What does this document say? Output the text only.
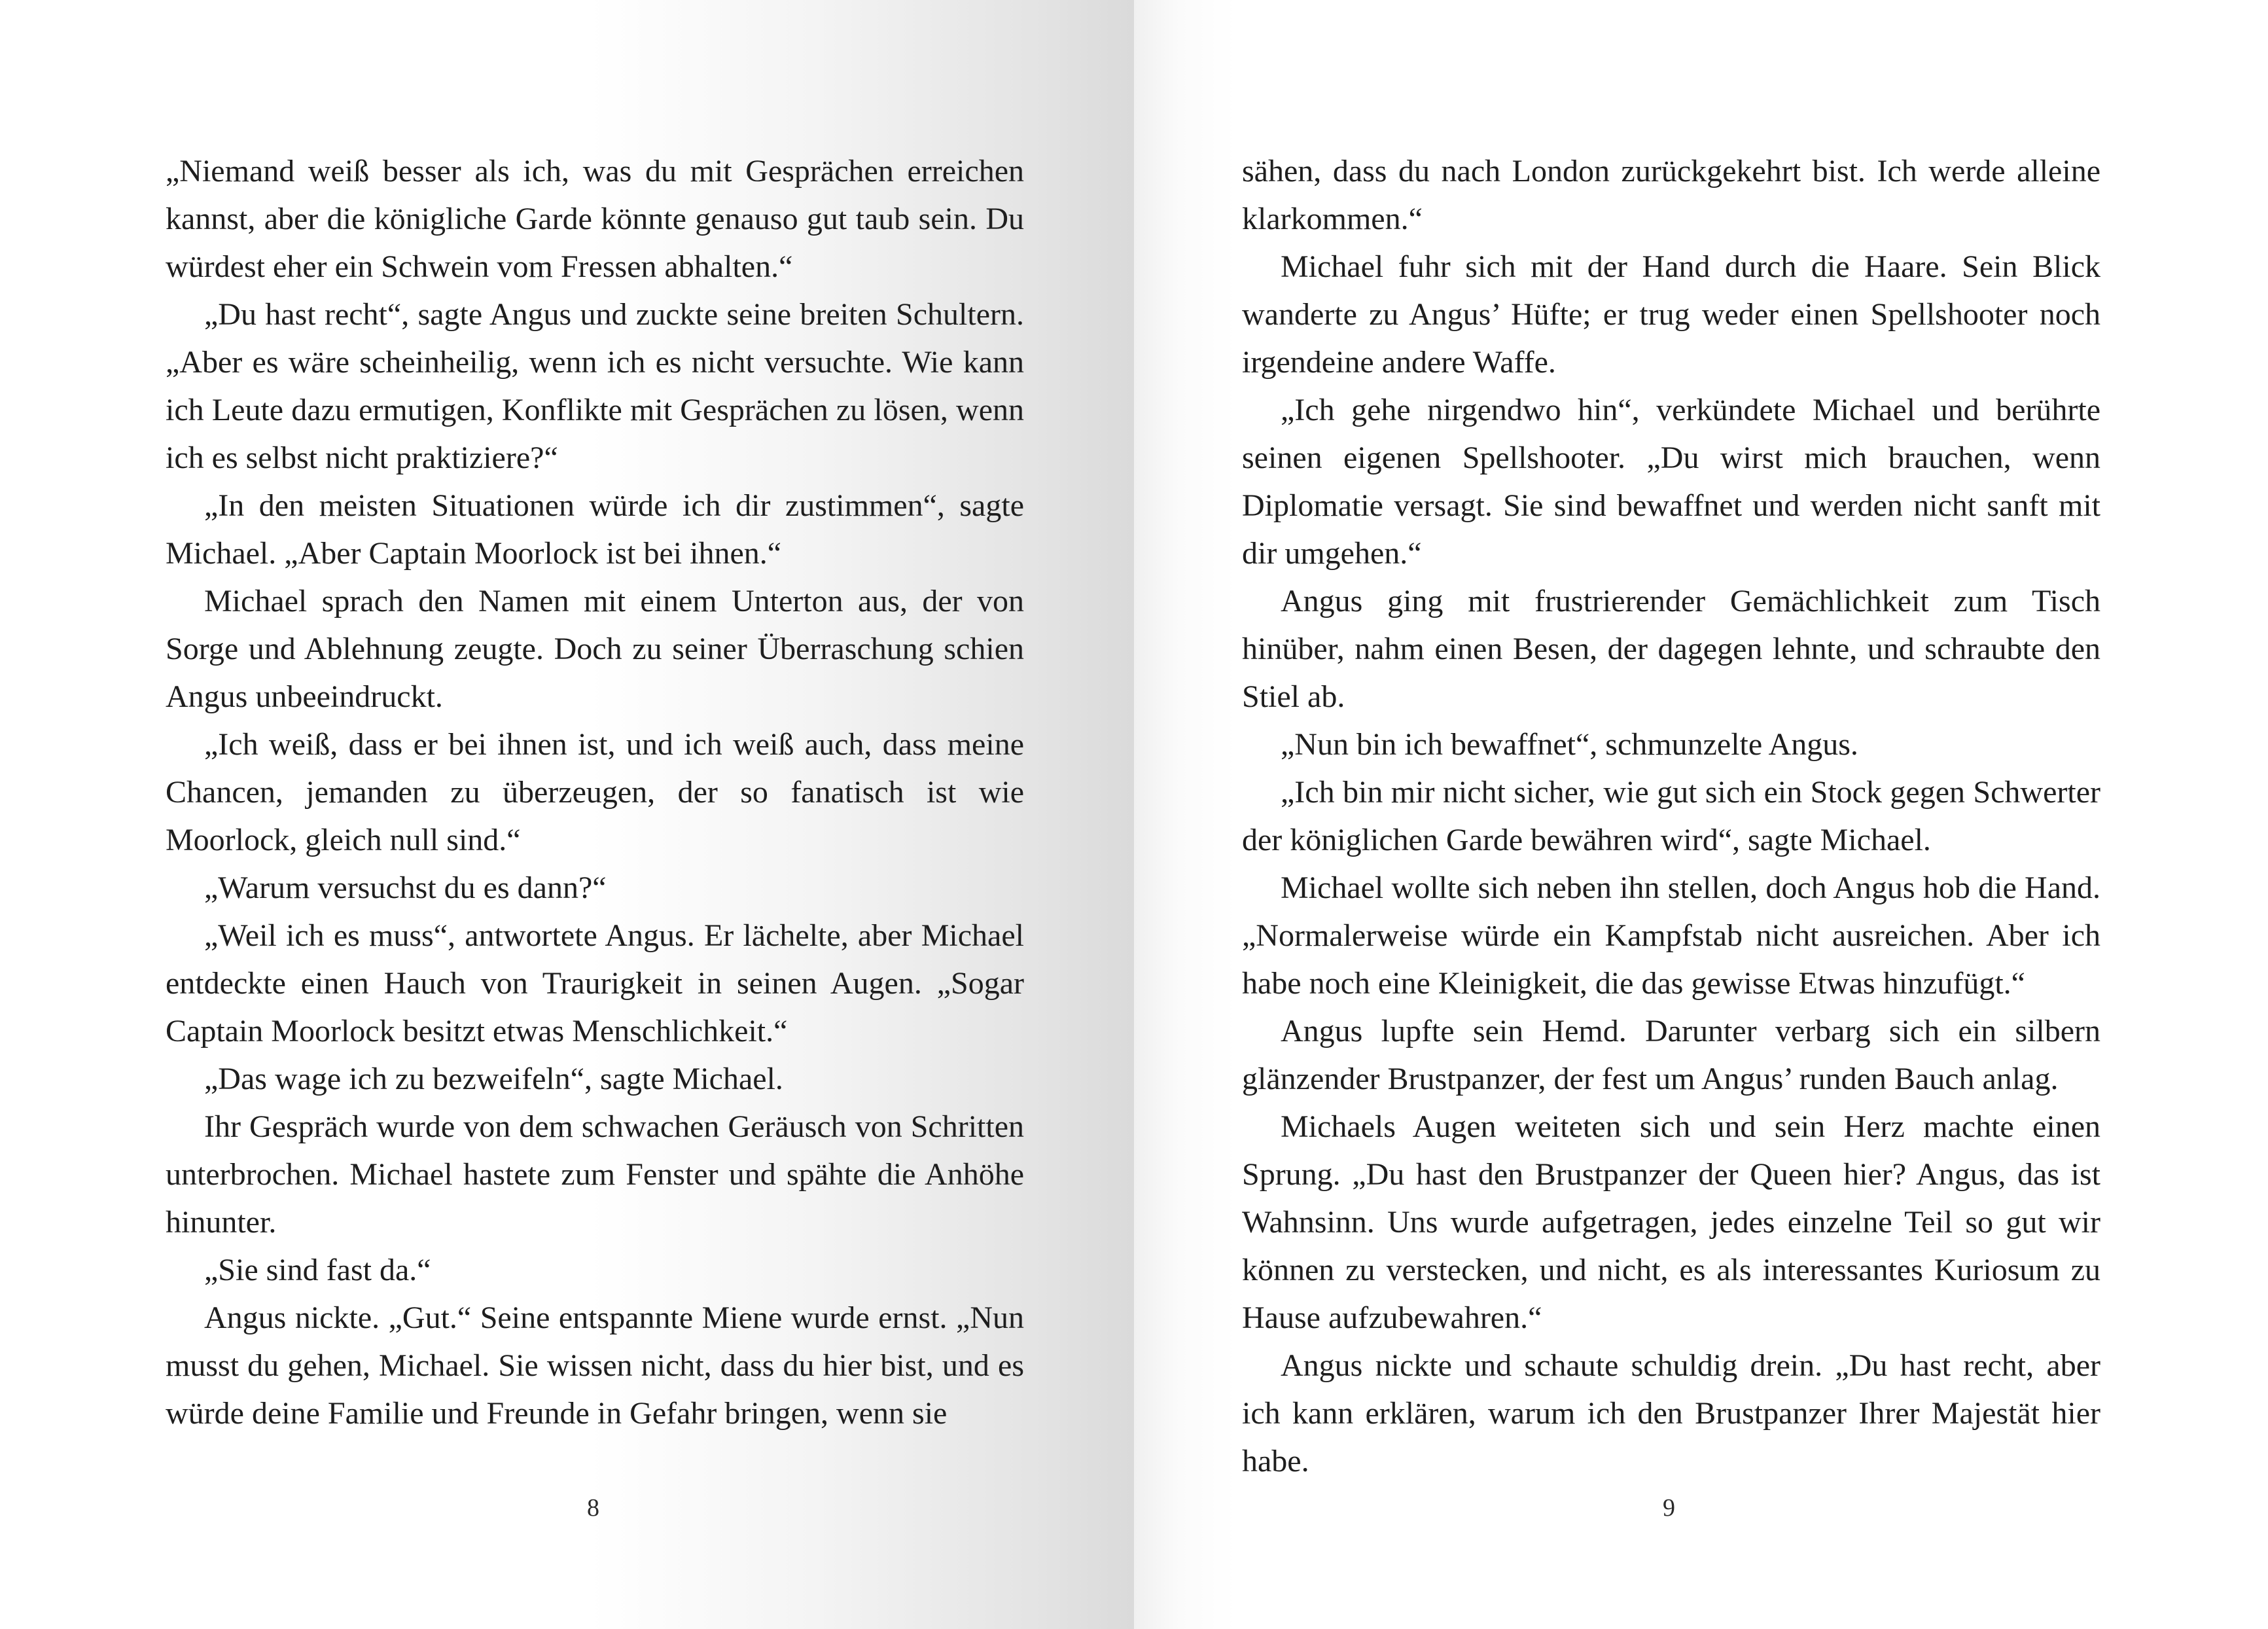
„Niemand weiß besser als ich, was du mit Gesprächen erreichen kannst, aber die königliche Garde könnte genauso gut taub sein. Du würdest eher ein Schwein vom Fressen abhalten.“

„Du hast recht“, sagte Angus und zuckte seine breiten Schultern. „Aber es wäre scheinheilig, wenn ich es nicht versuchte. Wie kann ich Leute dazu ermutigen, Konflikte mit Gesprächen zu lösen, wenn ich es selbst nicht praktiziere?“

„In den meisten Situationen würde ich dir zustimmen“, sagte Michael. „Aber Captain Moorlock ist bei ihnen.“

Michael sprach den Namen mit einem Unterton aus, der von Sorge und Ablehnung zeugte. Doch zu seiner Überraschung schien Angus unbeeindruckt.

„Ich weiß, dass er bei ihnen ist, und ich weiß auch, dass meine Chancen, jemanden zu überzeugen, der so fanatisch ist wie Moorlock, gleich null sind.“

„Warum versuchst du es dann?“

„Weil ich es muss“, antwortete Angus. Er lächelte, aber Michael entdeckte einen Hauch von Traurigkeit in seinen Augen. „Sogar Captain Moorlock besitzt etwas Menschlichkeit.“

„Das wage ich zu bezweifeln“, sagte Michael.

Ihr Gespräch wurde von dem schwachen Geräusch von Schritten unterbrochen. Michael hastete zum Fenster und spähte die Anhöhe hinunter.

„Sie sind fast da.“

Angus nickte. „Gut.“ Seine entspannte Miene wurde ernst. „Nun musst du gehen, Michael. Sie wissen nicht, dass du hier bist, und es würde deine Familie und Freunde in Gefahr bringen, wenn sie

8

sähen, dass du nach London zurückgekehrt bist. Ich werde alleine klarkommen.“

Michael fuhr sich mit der Hand durch die Haare. Sein Blick wanderte zu Angus’ Hüfte; er trug weder einen Spellshooter noch irgendeine andere Waffe.

„Ich gehe nirgendwo hin“, verkündete Michael und berührte seinen eigenen Spellshooter. „Du wirst mich brauchen, wenn Diplomatie versagt. Sie sind bewaffnet und werden nicht sanft mit dir umgehen.“

Angus ging mit frustrierender Gemächlichkeit zum Tisch hinüber, nahm einen Besen, der dagegen lehnte, und schraubte den Stiel ab.

„Nun bin ich bewaffnet“, schmunzelte Angus.

„Ich bin mir nicht sicher, wie gut sich ein Stock gegen Schwerter der königlichen Garde bewähren wird“, sagte Michael.

Michael wollte sich neben ihn stellen, doch Angus hob die Hand. „Normalerweise würde ein Kampfstab nicht ausreichen. Aber ich habe noch eine Kleinigkeit, die das gewisse Etwas hinzufügt.“

Angus lupfte sein Hemd. Darunter verbarg sich ein silbern glänzender Brustpanzer, der fest um Angus’ runden Bauch anlag.

Michaels Augen weiteten sich und sein Herz machte einen Sprung. „Du hast den Brustpanzer der Queen hier? Angus, das ist Wahnsinn. Uns wurde aufgetragen, jedes einzelne Teil so gut wir können zu verstecken, und nicht, es als interessantes Kuriosum zu Hause aufzubewahren.“

Angus nickte und schaute schuldig drein. „Du hast recht, aber ich kann erklären, warum ich den Brustpanzer Ihrer Majestät hier habe.

9
